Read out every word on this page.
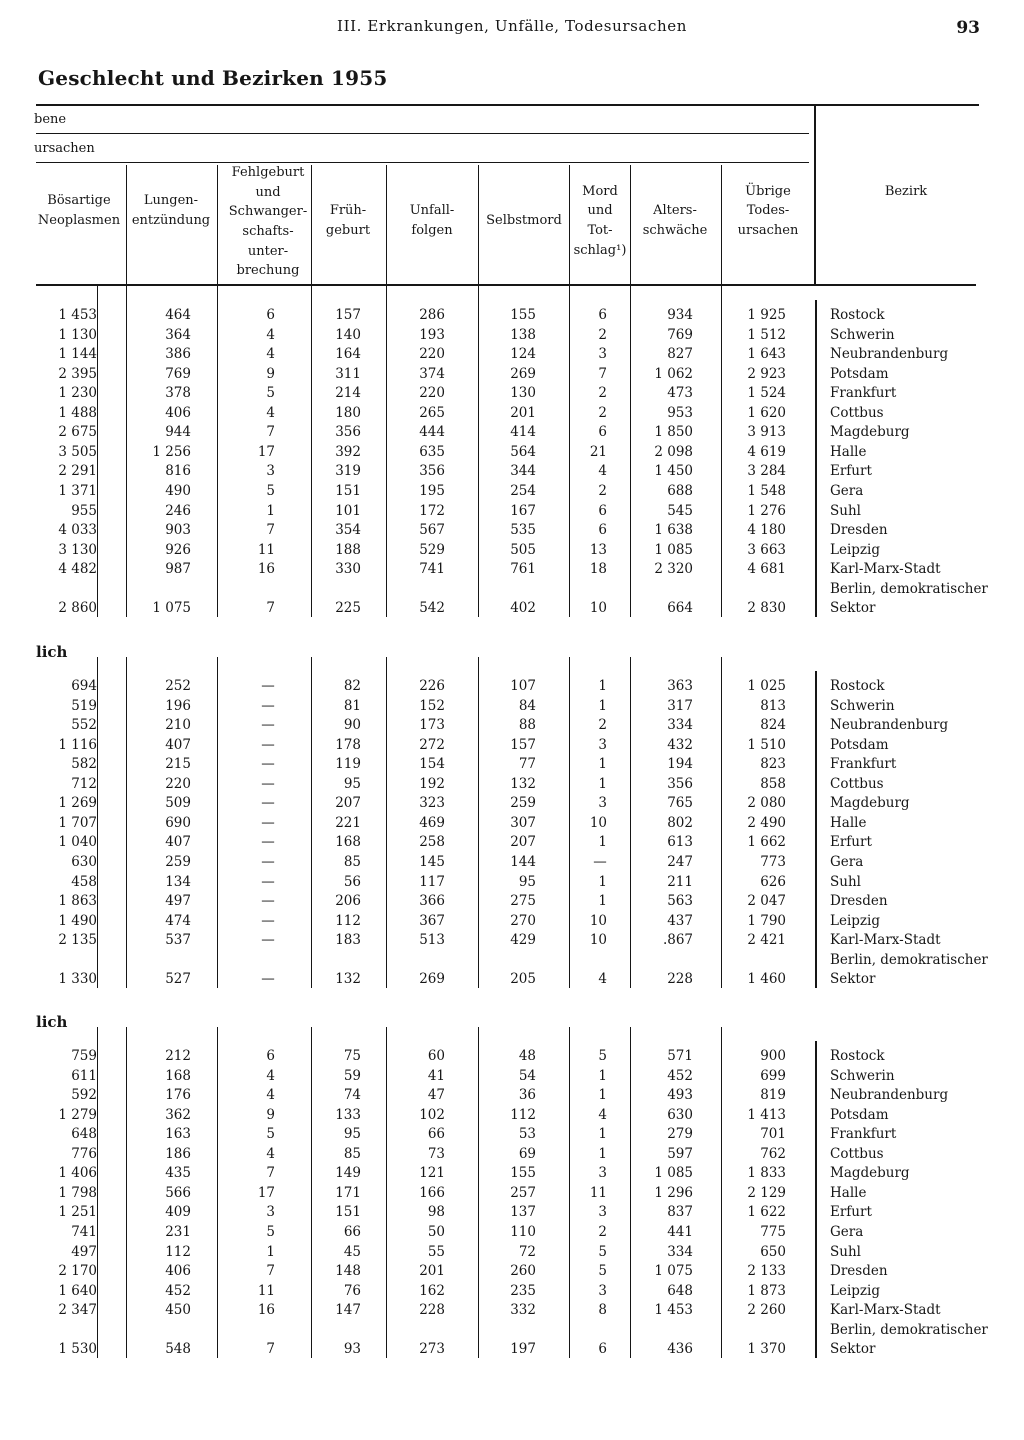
III. Erkrankungen, Unfälle, Todesursachen	93
Geschlecht und Bezirken 1955
bene
ursachen
Bösartige
Neoplasmen
Lungen-
entzündung
Fehlgeburt
und
Schwanger-
schafts-
unter-
brechung
Früh-
geburt
Unfall-
folgen
Selbstmord
Mord
und
Tot-
schlag¹)
Alters-
schwäche
Übrige
Todes-
ursachen
Bezirk
1 453	464	6	157	286	155	6	934	1 925	Rostock
1 130	364	4	140	193	138	2	769	1 512	Schwerin
1 144	386	4	164	220	124	3	827	1 643	Neubrandenburg
2 395	769	9	311	374	269	7	1 062	2 923	Potsdam
1 230	378	5	214	220	130	2	473	1 524	Frankfurt
1 488	406	4	180	265	201	2	953	1 620	Cottbus
2 675	944	7	356	444	414	6	1 850	3 913	Magdeburg
3 505	1 256	17	392	635	564	21	2 098	4 619	Halle
2 291	816	3	319	356	344	4	1 450	3 284	Erfurt
1 371	490	5	151	195	254	2	688	1 548	Gera
955	246	1	101	172	167	6	545	1 276	Suhl
4 033	903	7	354	567	535	6	1 638	4 180	Dresden
3 130	926	11	188	529	505	13	1 085	3 663	Leipzig
4 482	987	16	330	741	761	18	2 320	4 681	Karl-Marx-Stadt
Berlin, demokratischer
2 860	1 075	7	225	542	402	10	664	2 830	Sektor
lich
694	252	—	82	226	107	1	363	1 025	Rostock
519	196	—	81	152	84	1	317	813	Schwerin
552	210	—	90	173	88	2	334	824	Neubrandenburg
1 116	407	—	178	272	157	3	432	1 510	Potsdam
582	215	—	119	154	77	1	194	823	Frankfurt
712	220	—	95	192	132	1	356	858	Cottbus
1 269	509	—	207	323	259	3	765	2 080	Magdeburg
1 707	690	—	221	469	307	10	802	2 490	Halle
1 040	407	—	168	258	207	1	613	1 662	Erfurt
630	259	—	85	145	144	—	247	773	Gera
458	134	—	56	117	95	1	211	626	Suhl
1 863	497	—	206	366	275	1	563	2 047	Dresden
1 490	474	—	112	367	270	10	437	1 790	Leipzig
2 135	537	—	183	513	429	10	.867	2 421	Karl-Marx-Stadt
Berlin, demokratischer
1 330	527	—	132	269	205	4	228	1 460	Sektor
lich
759	212	6	75	60	48	5	571	900	Rostock
611	168	4	59	41	54	1	452	699	Schwerin
592	176	4	74	47	36	1	493	819	Neubrandenburg
1 279	362	9	133	102	112	4	630	1 413	Potsdam
648	163	5	95	66	53	1	279	701	Frankfurt
776	186	4	85	73	69	1	597	762	Cottbus
1 406	435	7	149	121	155	3	1 085	1 833	Magdeburg
1 798	566	17	171	166	257	11	1 296	2 129	Halle
1 251	409	3	151	98	137	3	837	1 622	Erfurt
741	231	5	66	50	110	2	441	775	Gera
497	112	1	45	55	72	5	334	650	Suhl
2 170	406	7	148	201	260	5	1 075	2 133	Dresden
1 640	452	11	76	162	235	3	648	1 873	Leipzig
2 347	450	16	147	228	332	8	1 453	2 260	Karl-Marx-Stadt
Berlin, demokratischer
1 530	548	7	93	273	197	6	436	1 370	Sektor
